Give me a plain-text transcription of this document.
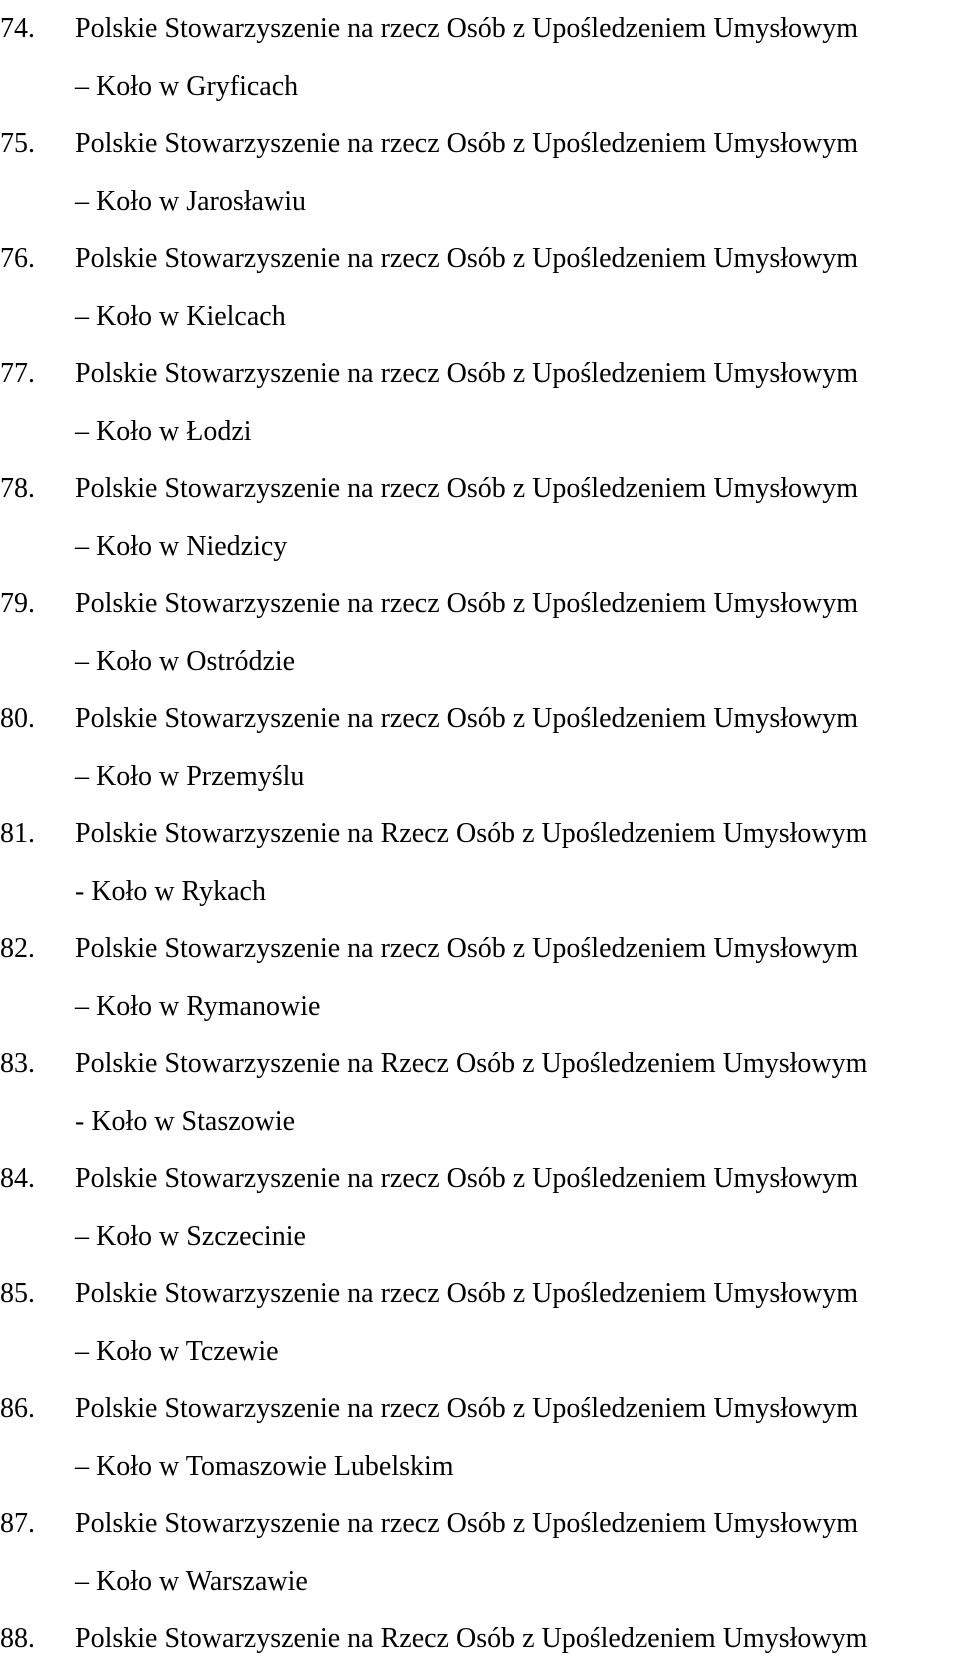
74. Polskie Stowarzyszenie na rzecz Osób z Upośledzeniem Umysłowym
– Koło w Gryficach
75. Polskie Stowarzyszenie na rzecz Osób z Upośledzeniem Umysłowym
– Koło w Jarosławiu
76. Polskie Stowarzyszenie na rzecz Osób z Upośledzeniem Umysłowym
– Koło w Kielcach
77. Polskie Stowarzyszenie na rzecz Osób z Upośledzeniem Umysłowym
– Koło w Łodzi
78. Polskie Stowarzyszenie na rzecz Osób z Upośledzeniem Umysłowym
– Koło w Niedzicy
79. Polskie Stowarzyszenie na rzecz Osób z Upośledzeniem Umysłowym
– Koło w Ostródzie
80. Polskie Stowarzyszenie na rzecz Osób z Upośledzeniem Umysłowym
– Koło w Przemyślu
81. Polskie Stowarzyszenie na Rzecz Osób z Upośledzeniem Umysłowym
- Koło w Rykach
82. Polskie Stowarzyszenie na rzecz Osób z Upośledzeniem Umysłowym
– Koło w Rymanowie
83. Polskie Stowarzyszenie na Rzecz Osób z Upośledzeniem Umysłowym
- Koło w Staszowie
84. Polskie Stowarzyszenie na rzecz Osób z Upośledzeniem Umysłowym
– Koło w Szczecinie
85. Polskie Stowarzyszenie na rzecz Osób z Upośledzeniem Umysłowym
– Koło w Tczewie
86. Polskie Stowarzyszenie na rzecz Osób z Upośledzeniem Umysłowym
– Koło w Tomaszowie Lubelskim
87. Polskie Stowarzyszenie na rzecz Osób z Upośledzeniem Umysłowym
– Koło w Warszawie
88. Polskie Stowarzyszenie na Rzecz Osób z Upośledzeniem Umysłowym
